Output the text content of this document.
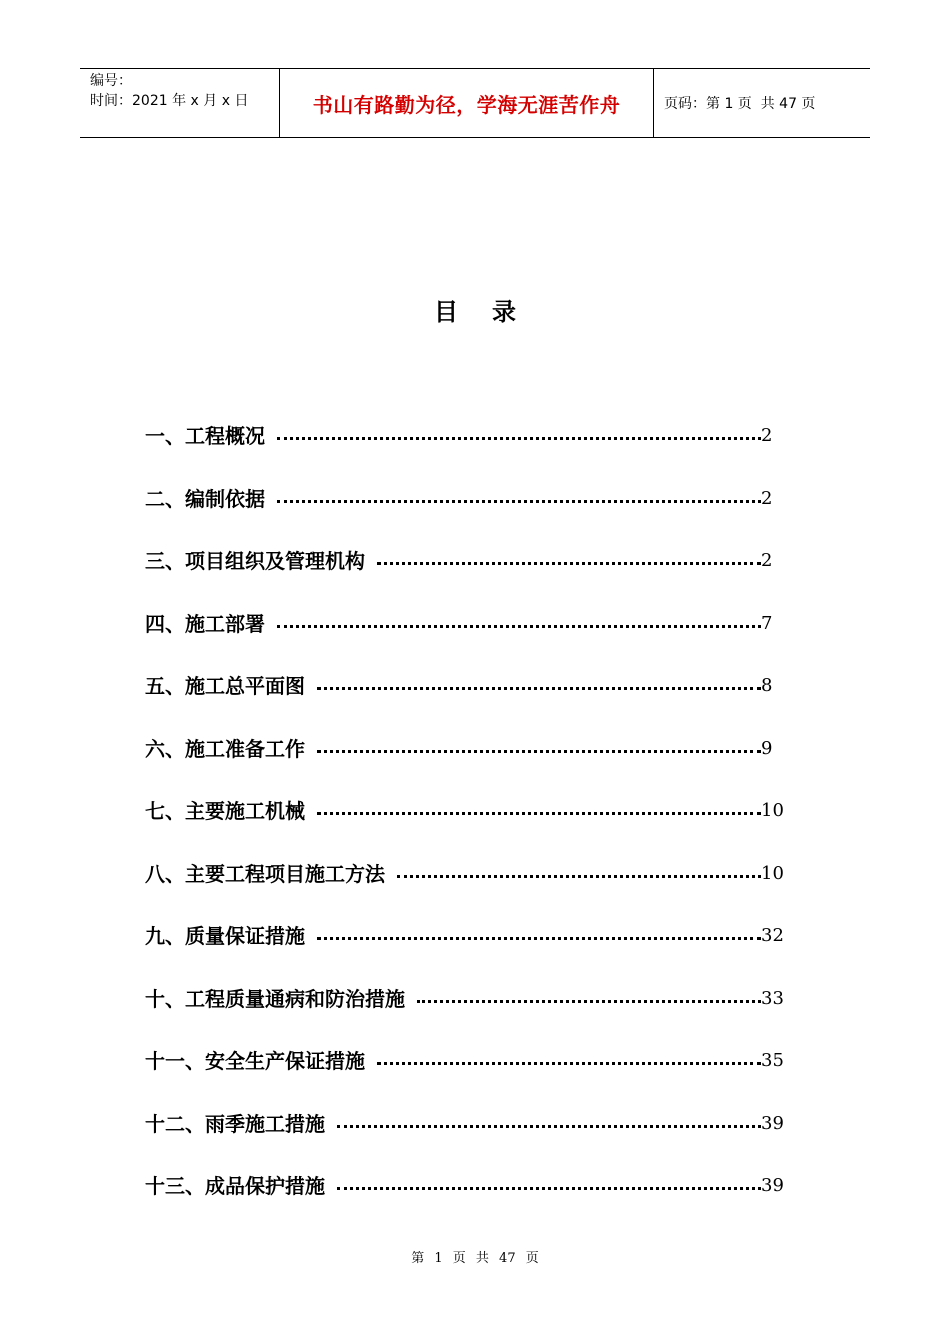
编号：
时间：2021 年 x 月 x 日	书山有路勤为径，学海无涯苦作舟	页码：第 1 页  共 47 页
目录
一、工程概况	2
二、编制依据	2
三、项目组织及管理机构	2
四、施工部署	7
五、施工总平面图	8
六、施工准备工作	9
七、主要施工机械	10
八、主要工程项目施工方法	10
九、质量保证措施	32
十、工程质量通病和防治措施	33
十一、安全生产保证措施	35
十二、雨季施工措施	39
十三、成品保护措施	39
第 1 页 共 47 页
